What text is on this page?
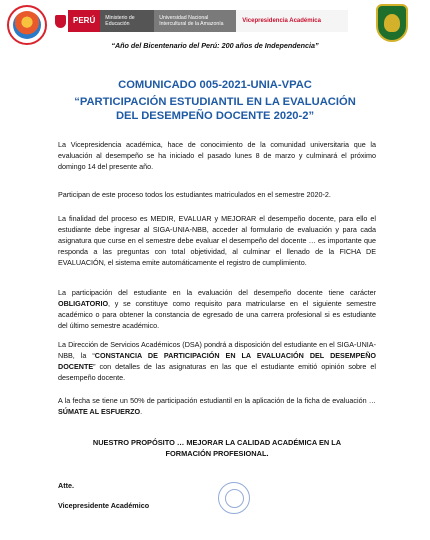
PERÚ	Ministerio de Educación
Universidad Nacional Intercultural de la Amazonía	Vicepresidencia Académica
“Año del Bicentenario del Perú: 200 años de Independencia”
COMUNICADO 005-2021-UNIA-VPAC
“PARTICIPACIÓN ESTUDIANTIL EN LA EVALUACIÓN
DEL DESEMPEÑO DOCENTE 2020-2”
La Vicepresidencia académica, hace de conocimiento de la comunidad universitaria que la evaluación al desempeño se ha iniciado el pasado lunes 8 de marzo y culminará el próximo domingo 14 del presente año.
Participan de este proceso todos los estudiantes matriculados en el semestre 2020-2.
La finalidad del proceso es MEDIR, EVALUAR y MEJORAR el desempeño docente, para ello el estudiante debe ingresar al SIGA-UNIA-NBB, acceder al formulario de evaluación y para cada asignatura que curse en el semestre debe evaluar el desempeño del docente … es importante que responda a las preguntas con total objetividad, al culminar el llenado de la FICHA DE EVALUACIÓN, el sistema emite automáticamente el registro de cumplimiento.
La participación del estudiante en la evaluación del desempeño docente tiene carácter OBLIGATORIO, y se constituye como requisito para matricularse en el siguiente semestre académico o para obtener la constancia de egresado de una carrera profesional si es estudiante del último semestre académico.
La Dirección de Servicios Académicos (DSA) pondrá a disposición del estudiante en el SIGA-UNIA-NBB, la “CONSTANCIA DE PARTICIPACIÓN EN LA EVALUACIÓN DEL DESEMPEÑO DOCENTE” con detalles de las asignaturas en las que el estudiante emitió opinión sobre el desempeño docente.
A la fecha se tiene un 50% de participación estudiantil en la aplicación de la ficha de evaluación … SÚMATE AL ESFUERZO.
NUESTRO PROPÓSITO … MEJORAR LA CALIDAD ACADÉMICA EN LA
FORMACIÓN PROFESIONAL.
Atte.
Vicepresidente Académico
